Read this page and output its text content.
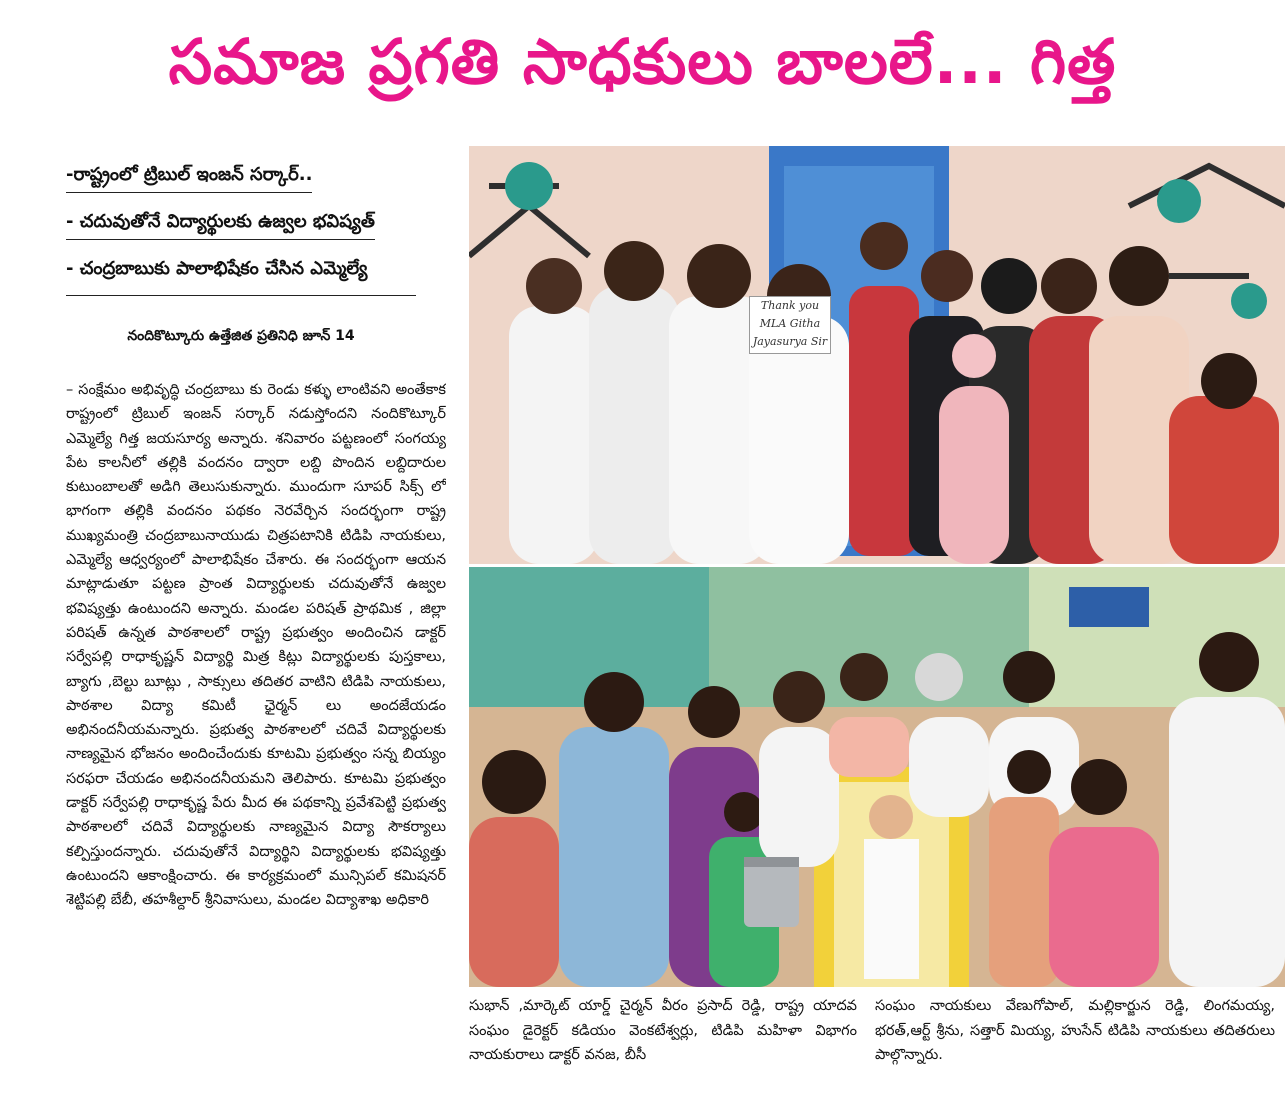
సమాజ ప్రగతి సాధకులు బాలలే... గిత్త
-రాష్ట్రంలో ట్రిబుల్ ఇంజన్ సర్కార్..
- చదువుతోనే విద్యార్థులకు ఉజ్వల భవిష్యత్
- చంద్రబాబుకు పాలాభిషేకం చేసిన ఎమ్మెల్యే
నందికొట్కూరు ఉత్తేజిత ప్రతినిధి జూన్ 14
– సంక్షేమం అభివృద్ధి చంద్రబాబు కు రెండు కళ్ళు లాంటివని అంతేకాక రాష్ట్రంలో ట్రిబుల్ ఇంజన్ సర్కార్ నడుస్తోందని నందికొట్కూర్ ఎమ్మెల్యే గిత్త జయసూర్య అన్నారు. శనివారం పట్టణంలో సంగయ్య పేట కాలనీలో తల్లికి వందనం ద్వారా లబ్ది పొందిన లబ్దిదారుల కుటుంబాలతో అడిగి తెలుసుకున్నారు. ముందుగా సూపర్ సిక్స్ లో భాగంగా తల్లికి వందనం పథకం నెరవేర్చిన సందర్భంగా రాష్ట్ర ముఖ్యమంత్రి చంద్రబాబునాయుడు చిత్రపటానికి టిడిపి నాయకులు, ఎమ్మెల్యే ఆధ్వర్యంలో పాలాభిషేకం చేశారు. ఈ సందర్భంగా ఆయన మాట్లాడుతూ పట్టణ ప్రాంత విద్యార్థులకు చదువుతోనే ఉజ్వల భవిష్యత్తు ఉంటుందని అన్నారు. మండల పరిషత్ ప్రాథమిక , జిల్లా పరిషత్ ఉన్నత పాఠశాలలో రాష్ట్ర ప్రభుత్వం అందించిన డాక్టర్ సర్వేపల్లి రాధాకృష్ణన్ విద్యార్థి మిత్ర కిట్లు విద్యార్థులకు పుస్తకాలు, బ్యాగు ,బెల్టు బూట్లు , సాక్సులు తదితర వాటిని టిడిపి నాయకులు, పాఠశాల విద్యా కమిటీ ఛైర్మన్ లు అందజేయడం అభినందనీయమన్నారు. ప్రభుత్వ పాఠశాలలో చదివే విద్యార్థులకు నాణ్యమైన భోజనం అందించేందుకు కూటమి ప్రభుత్వం సన్న బియ్యం సరఫరా చేయడం అభినందనీయమని తెలిపారు. కూటమి ప్రభుత్వం డాక్టర్ సర్వేపల్లి రాధాకృష్ణ పేరు మీద ఈ పథకాన్ని ప్రవేశపెట్టి ప్రభుత్వ పాఠశాలలో చదివే విద్యార్థులకు నాణ్యమైన విద్యా సౌకర్యాలు కల్పిస్తుందన్నారు. చదువుతోనే విద్యార్థిని విద్యార్థులకు భవిష్యత్తు ఉంటుందని ఆకాంక్షించారు. ఈ కార్యక్రమంలో మున్సిపల్ కమిషనర్ శెట్టిపల్లి బేబీ, తహశీల్దార్ శ్రీనివాసులు, మండల విద్యాశాఖ అధికారి
Thank you MLA Githa Jayasurya Sir
సుభాన్ ,మార్కెట్ యార్డ్ చైర్మన్ వీరం ప్రసాద్ రెడ్డి, రాష్ట్ర యాదవ సంఘం డైరెక్టర్ కడియం వెంకటేశ్వర్లు, టిడిపి మహిళా విభాగం నాయకురాలు డాక్టర్ వనజ, బీసీ
సంఘం నాయకులు వేణుగోపాల్, మల్లికార్జున రెడ్డి, లింగమయ్య, భరత్,ఆర్ట్ శ్రీను, సత్తార్ మియ్య, హుసేన్ టిడిపి నాయకులు తదితరులు పాల్గొన్నారు.
